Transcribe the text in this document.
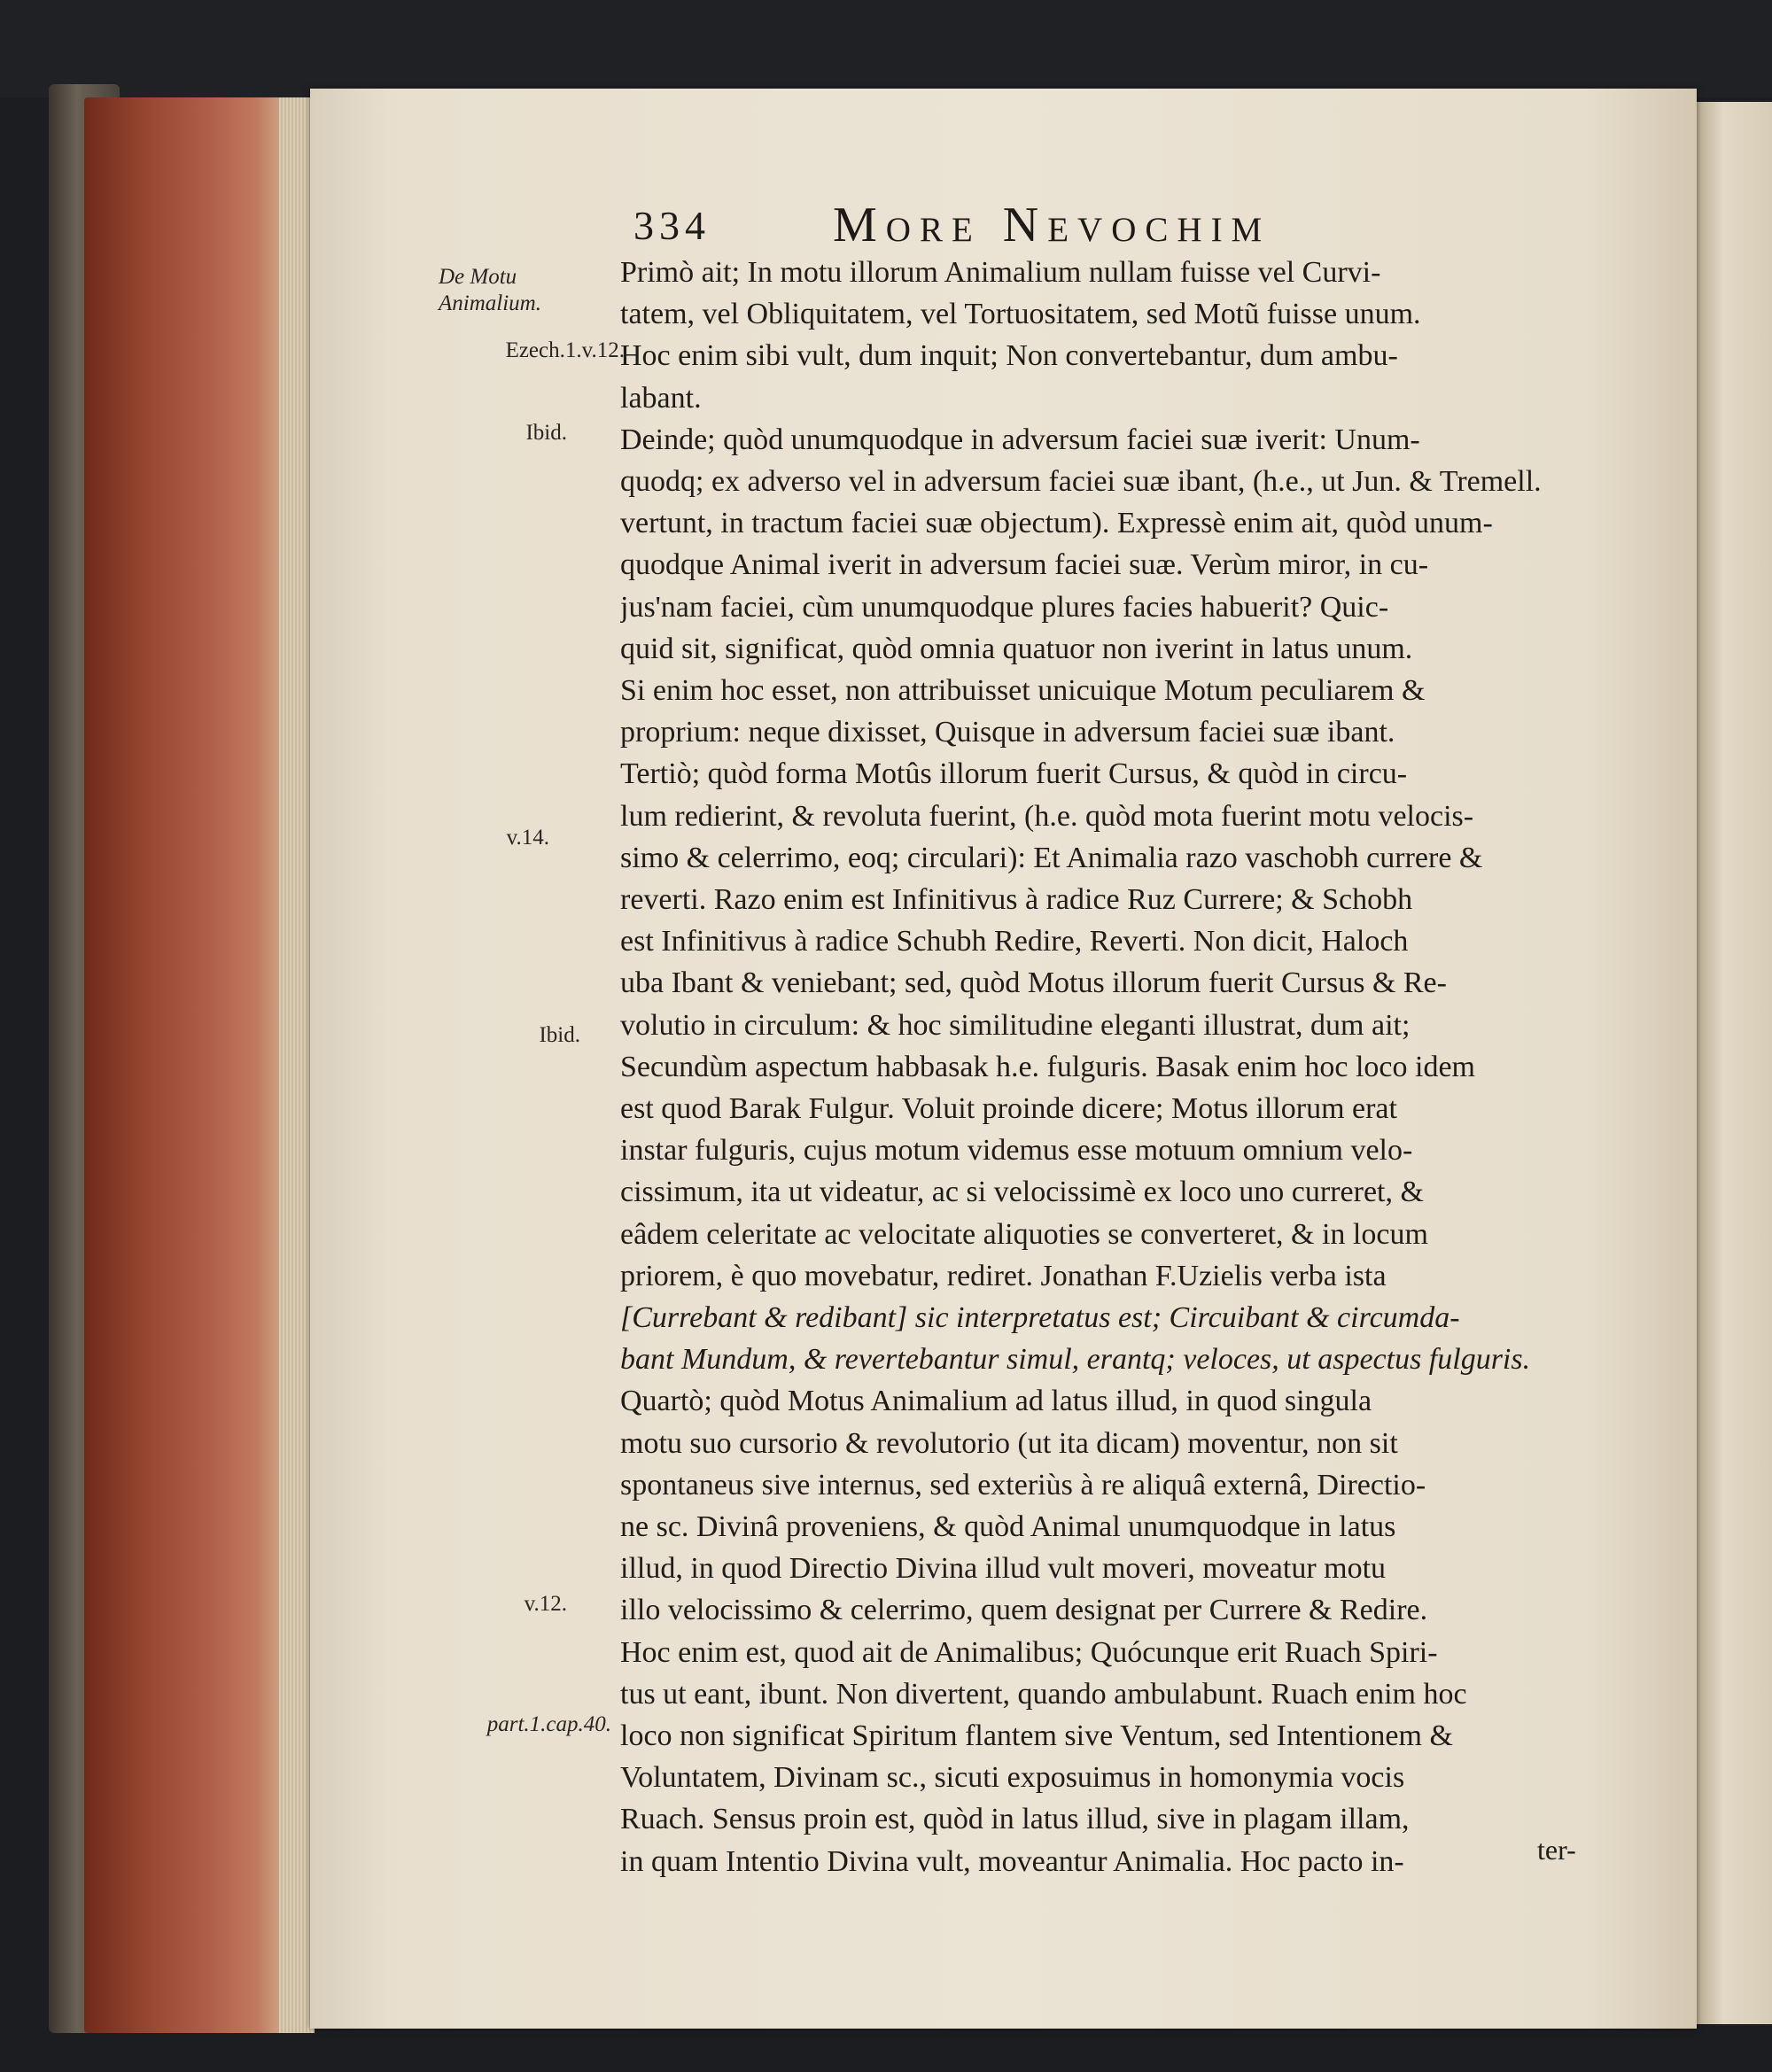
334 More Nevochim
De Motu Animalium.
Ezech.1.v.12.
Ibid.
v.14.
Ibid.
v.12.
part.1.cap.40.
Primò ait; In motu illorum Animalium nullam fuisse vel Curvi-
tatem, vel Obliquitatem, vel Tortuositatem, sed Motũ fuisse unum.
Hoc enim sibi vult, dum inquit; Non convertebantur, dum ambu-
labant.
Deinde; quòd unumquodque in adversum faciei suæ iverit: Unum-
quodq; ex adverso vel in adversum faciei suæ ibant, (h.e., ut Jun. & Tremell.
vertunt, in tractum faciei suæ objectum). Expressè enim ait, quòd unum-
quodque Animal iverit in adversum faciei suæ. Verùm miror, in cu-
jus'nam faciei, cùm unumquodque plures facies habuerit? Quic-
quid sit, significat, quòd omnia quatuor non iverint in latus unum.
Si enim hoc esset, non attribuisset unicuique Motum peculiarem &
proprium: neque dixisset, Quisque in adversum faciei suæ ibant.
Tertiò; quòd forma Motûs illorum fuerit Cursus, & quòd in circu-
lum redierint, & revoluta fuerint, (h.e. quòd mota fuerint motu velocis-
simo & celerrimo, eoq; circulari): Et Animalia razo vaschobh currere &
reverti. Razo enim est Infinitivus à radice Ruz Currere; & Schobh
est Infinitivus à radice Schubh Redire, Reverti. Non dicit, Haloch
uba Ibant & veniebant; sed, quòd Motus illorum fuerit Cursus & Re-
volutio in circulum: & hoc similitudine eleganti illustrat, dum ait;
Secundùm aspectum habbasak h.e. fulguris. Basak enim hoc loco idem
est quod Barak Fulgur. Voluit proinde dicere; Motus illorum erat
instar fulguris, cujus motum videmus esse motuum omnium velo-
cissimum, ita ut videatur, ac si velocissimè ex loco uno curreret, &
eâdem celeritate ac velocitate aliquoties se converteret, & in locum
priorem, è quo movebatur, rediret. Jonathan F.Uzielis verba ista
[Currebant & redibant] sic interpretatus est; Circuibant & circumda-
bant Mundum, & revertebantur simul, erantq; veloces, ut aspectus fulguris.
Quartò; quòd Motus Animalium ad latus illud, in quod singula
motu suo cursorio & revolutorio (ut ita dicam) moventur, non sit
spontaneus sive internus, sed exteriùs à re aliquâ externâ, Directio-
ne sc. Divinâ proveniens, & quòd Animal unumquodque in latus
illud, in quod Directio Divina illud vult moveri, moveatur motu
illo velocissimo & celerrimo, quem designat per Currere & Redire.
Hoc enim est, quod ait de Animalibus; Quócunque erit Ruach Spiri-
tus ut eant, ibunt. Non divertent, quando ambulabunt. Ruach enim hoc
loco non significat Spiritum flantem sive Ventum, sed Intentionem &
Voluntatem, Divinam sc., sicuti exposuimus in homonymia vocis
Ruach. Sensus proin est, quòd in latus illud, sive in plagam illam,
in quam Intentio Divina vult, moveantur Animalia. Hoc pacto in-	ter-
